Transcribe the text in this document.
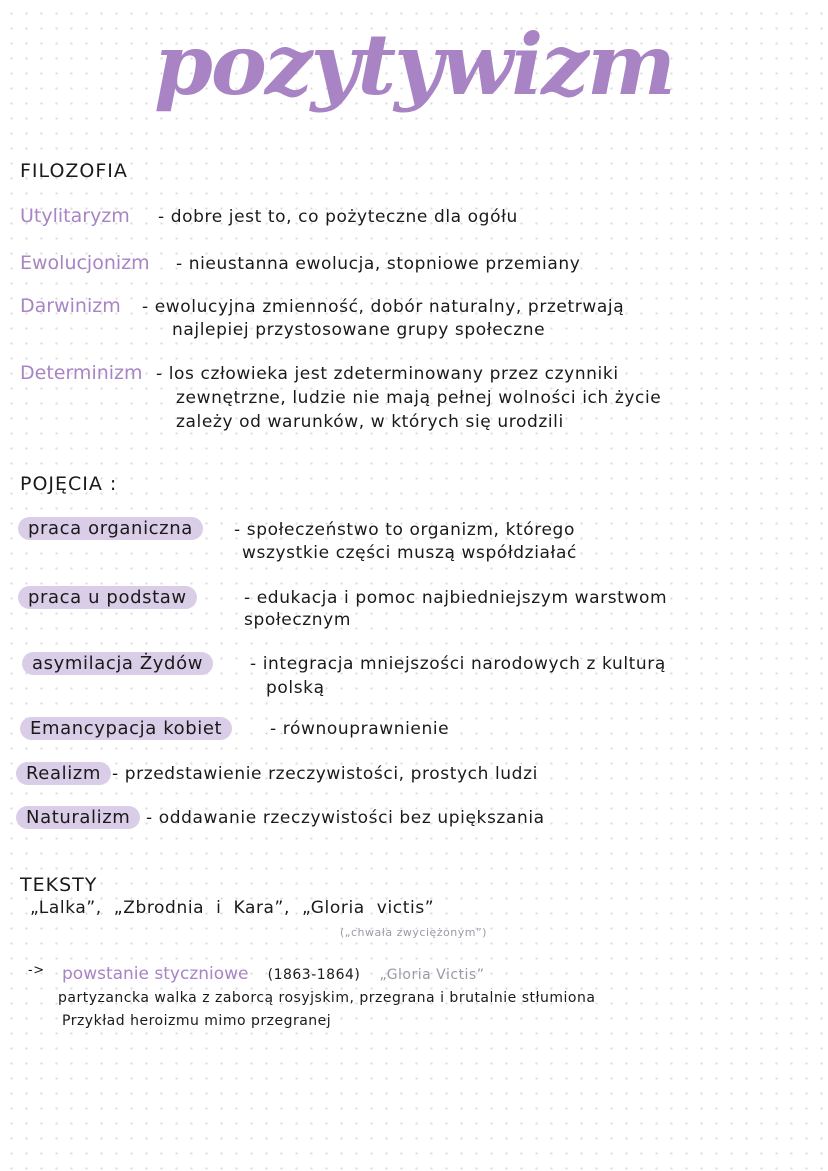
pozytywizm
FILOZOFIA
Utylitaryzm - dobre jest to, co pożyteczne dla ogółu
Ewolucjonizm - nieustanna ewolucja, stopniowe przemiany
Darwinizm - ewolucyjna zmienność, dobór naturalny, przetrwają
najlepiej przystosowane grupy społeczne
Determinizm - los człowieka jest zdeterminowany przez czynniki
zewnętrzne, ludzie nie mają pełnej wolności ich życie
zależy od warunków, w których się urodzili
POJĘCIA :
praca organiczna	- społeczeństwo to organizm, którego
wszystkie części muszą współdziałać
praca u podstaw	- edukacja i pomoc najbiedniejszym warstwom
społecznym
asymilacja Żydów	- integracja mniejszości narodowych z kulturą
polską
Emancypacja kobiet	- równouprawnienie
Realizm - przedstawienie rzeczywistości, prostych ludzi
Naturalizm - oddawanie rzeczywistości bez upiększania
TEKSTY
„Lalka”, „Zbrodnia i Kara”, „Gloria victis”
(„chwała zwyciężonym”)
-> powstanie styczniowe (1863-1864) „Gloria Victis”
partyzancka walka z zaborcą rosyjskim, przegrana i brutalnie stłumiona
Przykład heroizmu mimo przegranej
